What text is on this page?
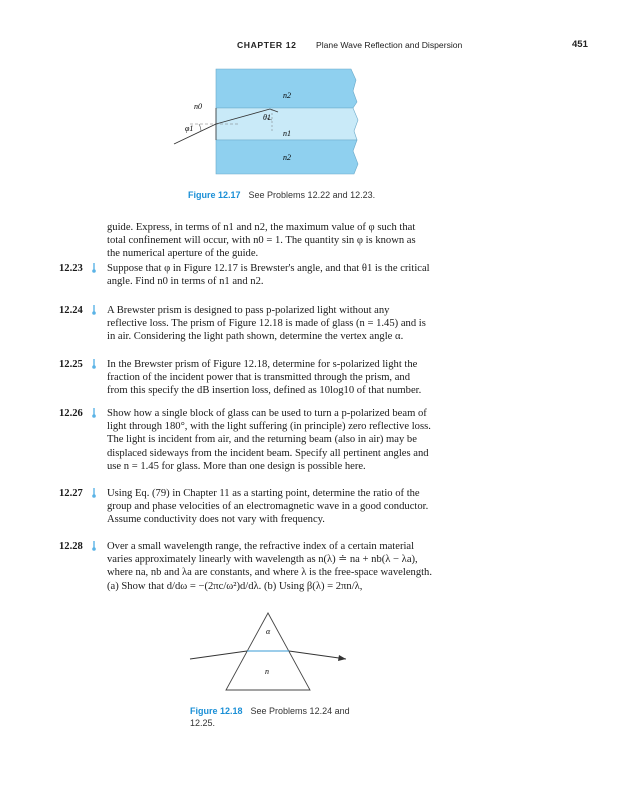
CHAPTER 12 Plane Wave Reflection and Dispersion	451
n0
φ1
θ1
n2
n1
n2
Figure 12.17 See Problems 12.22 and 12.23.
guide. Express, in terms of n1 and n2, the maximum value of φ such that
total confinement will occur, with n0 = 1. The quantity sin φ is known as
the numerical aperture of the guide.
12.23 Suppose that φ in Figure 12.17 is Brewster's angle, and that θ1 is the critical
angle. Find n0 in terms of n1 and n2.
12.24 A Brewster prism is designed to pass p-polarized light without any
reflective loss. The prism of Figure 12.18 is made of glass (n = 1.45) and is
in air. Considering the light path shown, determine the vertex angle α.
12.25 In the Brewster prism of Figure 12.18, determine for s-polarized light the
fraction of the incident power that is transmitted through the prism, and
from this specify the dB insertion loss, defined as 10log10 of that number.
12.26 Show how a single block of glass can be used to turn a p-polarized beam of
light through 180°, with the light suffering (in principle) zero reflective loss.
The light is incident from air, and the returning beam (also in air) may be
displaced sideways from the incident beam. Specify all pertinent angles and
use n = 1.45 for glass. More than one design is possible here.
12.27 Using Eq. (79) in Chapter 11 as a starting point, determine the ratio of the
group and phase velocities of an electromagnetic wave in a good conductor.
Assume conductivity does not vary with frequency.
12.28 Over a small wavelength range, the refractive index of a certain material
varies approximately linearly with wavelength as n(λ) ≐ na + nb(λ − λa),
where na, nb and λa are constants, and where λ is the free-space wavelength.
(a) Show that d/dω = −(2πc/ω²)d/dλ. (b) Using β(λ) = 2πn/λ,
α
n
Figure 12.18 See Problems 12.24 and 12.25.
